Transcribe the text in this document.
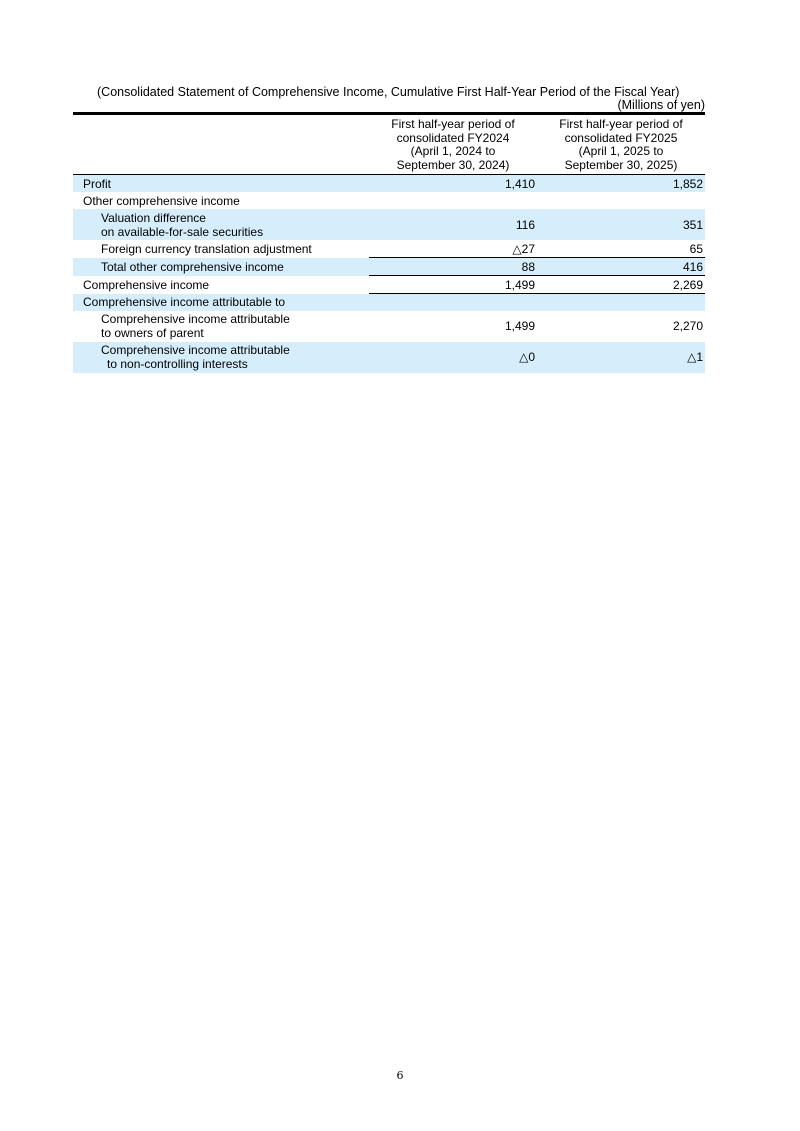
(Consolidated Statement of Comprehensive Income, Cumulative First Half-Year Period of the Fiscal Year)
(Millions of yen)

	First half-year period of
consolidated FY2024
(April 1, 2024 to
September 30, 2024)	First half-year period of
consolidated FY2025
(April 1, 2025 to
September 30, 2025)

Profit	1,410	1,852
Other comprehensive income		

Valuation difference
on available-for-sale securities	116	351
Foreign currency translation adjustment	△27	65
Total other comprehensive income	88	416
Comprehensive income	1,499	2,269
Comprehensive income attributable to		

Comprehensive income attributable
to owners of parent	1,499	2,270

Comprehensive income attributable
to non-controlling interests	△0	△1
6
